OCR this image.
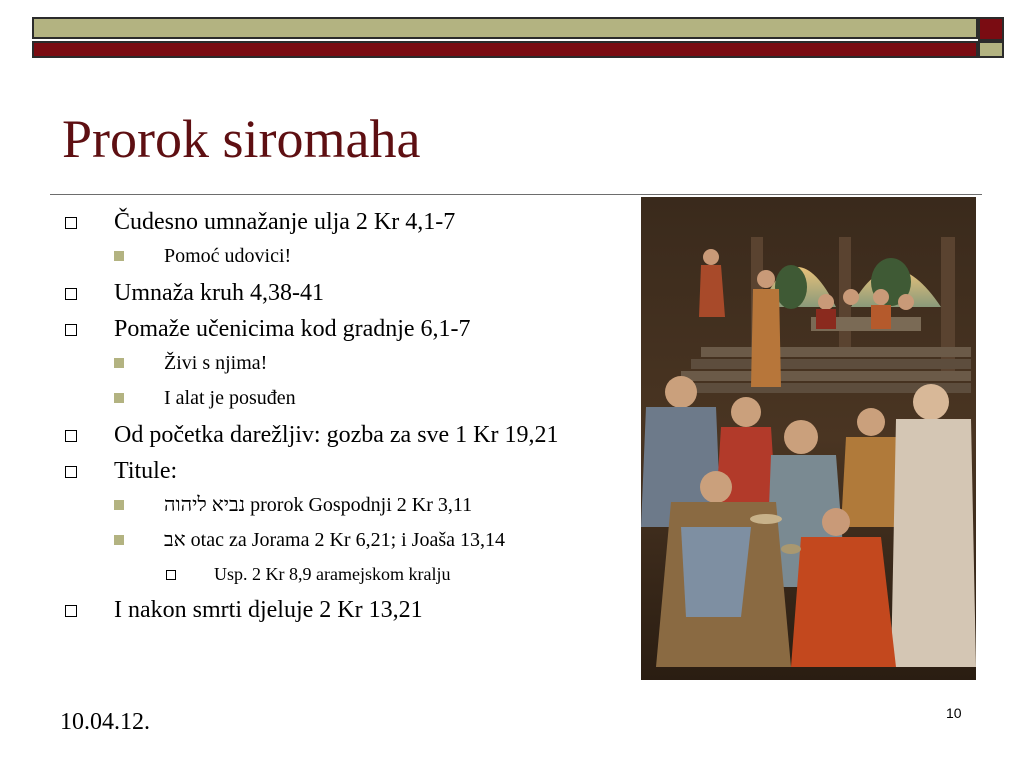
Prorok siromaha
Čudesno umnažanje ulja 2 Kr 4,1-7
Pomoć udovici!
Umnaža kruh 4,38-41
Pomaže učenicima kod gradnje 6,1-7
Živi s njima!
I alat je posuđen
Od početka darežljiv: gozba za sve 1 Kr 19,21
Titule:
נביא ליהוה prorok Gospodnji 2 Kr 3,11
אב otac za Jorama 2 Kr 6,21; i Joaša 13,14
Usp. 2 Kr 8,9 aramejskom kralju
I nakon smrti djeluje 2 Kr 13,21
10.04.12.	10
